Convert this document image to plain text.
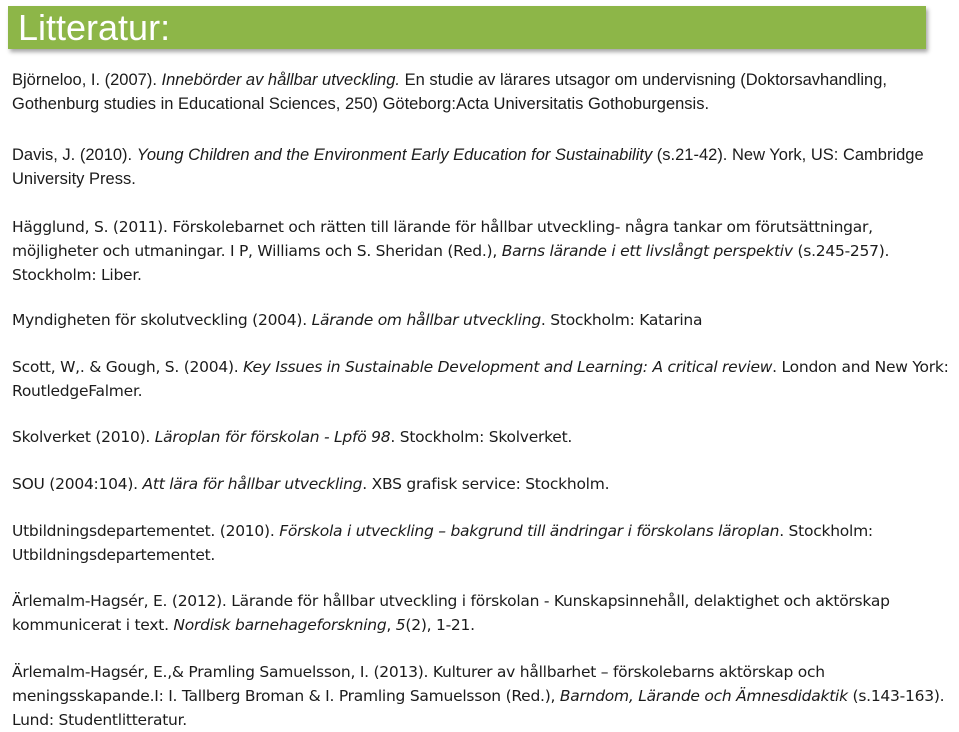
Litteratur:

Björneloo, I. (2007). Innebörder av hållbar utveckling. En studie av lärares utsagor om undervisning (Doktorsavhandling, Gothenburg studies in Educational Sciences, 250) Göteborg:Acta Universitatis Gothoburgensis.

Davis, J. (2010). Young Children and the Environment Early Education for Sustainability (s.21-42). New York, US: Cambridge University Press.

Hägglund, S. (2011). Förskolebarnet och rätten till lärande för hållbar utveckling- några tankar om förutsättningar, möjligheter och utmaningar. I P, Williams och S. Sheridan (Red.), Barns lärande i ett livslångt perspektiv (s.245-257). Stockholm: Liber.

Myndigheten för skolutveckling (2004). Lärande om hållbar utveckling. Stockholm: Katarina

Scott, W,. & Gough, S. (2004). Key Issues in Sustainable Development and Learning: A critical review. London and New York: RoutledgeFalmer.

Skolverket (2010). Läroplan för förskolan - Lpfö 98. Stockholm: Skolverket.

SOU (2004:104). Att lära för hållbar utveckling. XBS grafisk service: Stockholm.

Utbildningsdepartementet. (2010). Förskola i utveckling – bakgrund till ändringar i förskolans läroplan. Stockholm: Utbildningsdepartementet.

Ärlemalm-Hagsér, E. (2012). Lärande för hållbar utveckling i förskolan - Kunskapsinnehåll, delaktighet och aktörskap kommunicerat i text. Nordisk barnehageforskning, 5(2), 1-21.

Ärlemalm-Hagsér, E.,& Pramling Samuelsson, I. (2013). Kulturer av hållbarhet – förskolebarns aktörskap och meningsskapande.I: I. Tallberg Broman & I. Pramling Samuelsson (Red.), Barndom, Lärande och Ämnesdidaktik (s.143-163). Lund: Studentlitteratur.
